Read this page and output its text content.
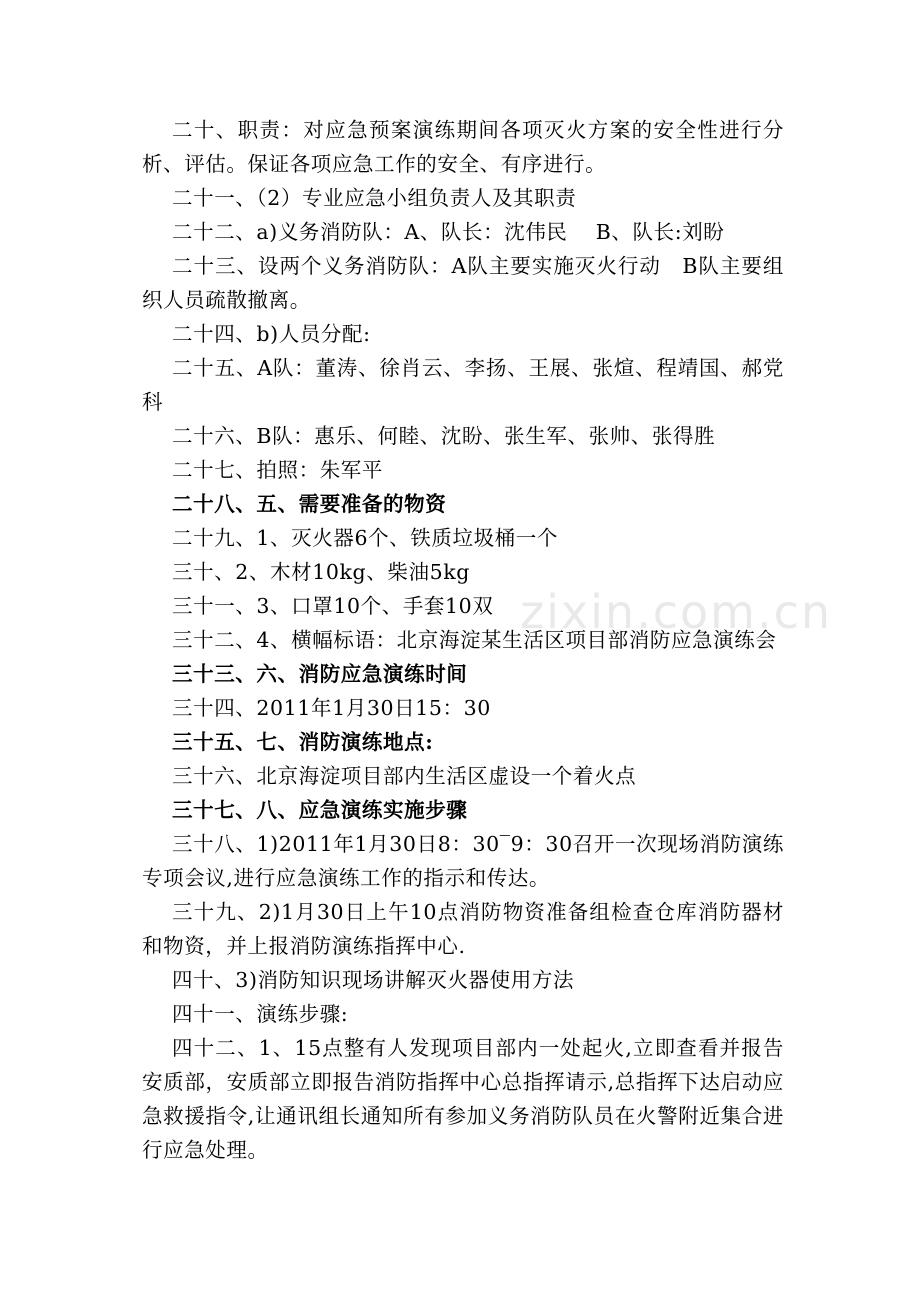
zixin.com.cn

二十、职责：对应急预案演练期间各项灭火方案的安全性进行分析、评估。保证各项应急工作的安全、有序进行。

二十一、（2）专业应急小组负责人及其职责

二十二、a)义务消防队：A、队长：沈伟民　 B、队长:刘盼

二十三、设两个义务消防队：A队主要实施灭火行动　B队主要组织人员疏散撤离。

二十四、b)人员分配:

二十五、A队：董涛、徐肖云、李扬、王展、张煊、程靖国、郝党科

二十六、B队：惠乐、何睦、沈盼、张生军、张帅、张得胜

二十七、拍照：朱军平

二十八、五、需要准备的物资

二十九、1、灭火器6个、铁质垃圾桶一个

三十、2、木材10kg、柴油5kg

三十一、3、口罩10个、手套10双

三十二、4、横幅标语：北京海淀某生活区项目部消防应急演练会

三十三、六、消防应急演练时间

三十四、2011年1月30日15：30

三十五、七、消防演练地点:

三十六、北京海淀项目部内生活区虚设一个着火点

三十七、八、应急演练实施步骤

三十八、1)2011年1月30日8：30‾9：30召开一次现场消防演练专项会议,进行应急演练工作的指示和传达。

三十九、2)1月30日上午10点消防物资准备组检查仓库消防器材和物资，并上报消防演练指挥中心.

四十、3)消防知识现场讲解灭火器使用方法

四十一、演练步骤:

四十二、1、15点整有人发现项目部内一处起火,立即查看并报告安质部，安质部立即报告消防指挥中心总指挥请示,总指挥下达启动应急救援指令,让通讯组长通知所有参加义务消防队员在火警附近集合进行应急处理。
